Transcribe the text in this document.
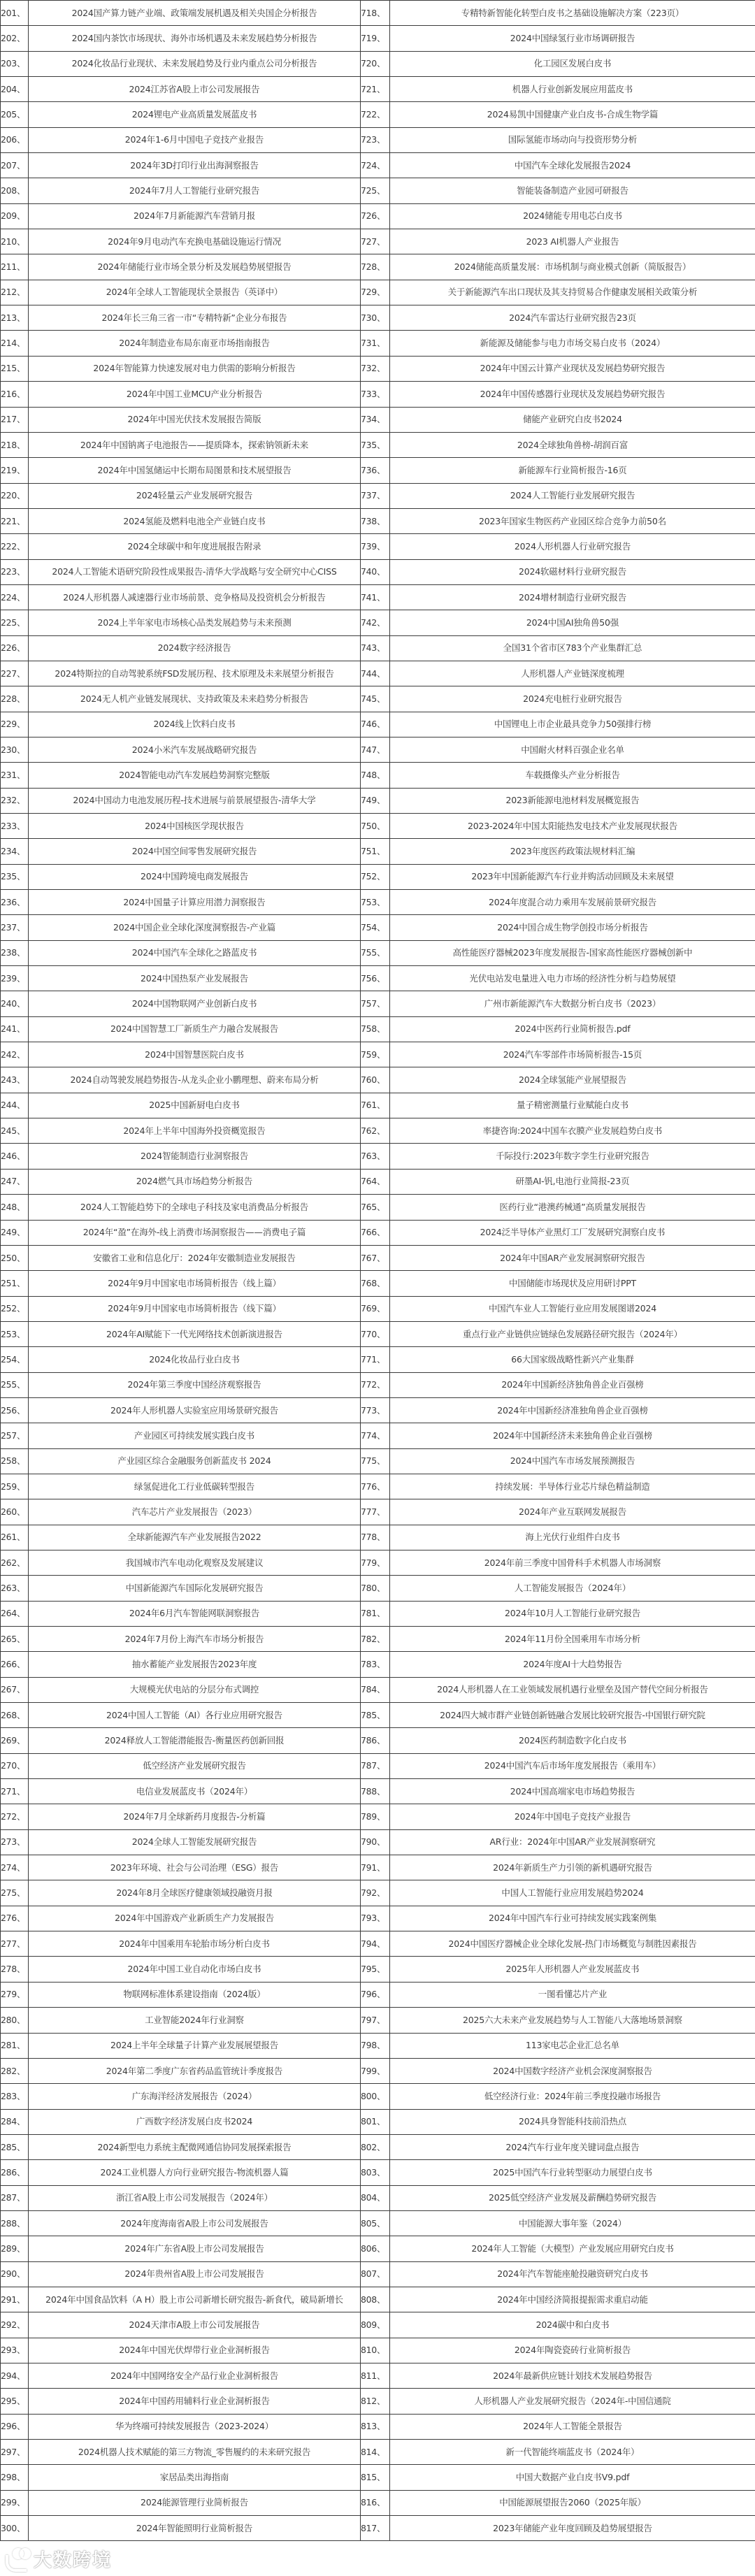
201、	2024国产算力链产业端、政策端发展机遇及相关央国企分析报告	718、	专精特新智能化转型白皮书之基础设施解决方案（223页）
202、	2024国内茶饮市场现状、海外市场机遇及未来发展趋势分析报告	719、	2024中国绿氢行业市场调研报告
203、	2024化妆品行业现状、未来发展趋势及行业内重点公司分析报告	720、	化工园区发展白皮书
204、	2024江苏省A股上市公司发展报告	721、	机器人行业创新发展应用蓝皮书
205、	2024锂电产业高质量发展蓝皮书	722、	2024易凯中国健康产业白皮书-合成生物学篇
206、	2024年1-6月中国电子竞技产业报告	723、	国际氢能市场动向与投资形势分析
207、	2024年3D打印行业出海洞察报告	724、	中国汽车全球化发展报告2024
208、	2024年7月人工智能行业研究报告	725、	智能装备制造产业园可研报告
209、	2024年7月新能源汽车营销月报	726、	2024储能专用电芯白皮书
210、	2024年9月电动汽车充换电基础设施运行情况	727、	2023 AI机器人产业报告
211、	2024年储能行业市场全景分析及发展趋势展望报告	728、	2024储能高质量发展：市场机制与商业模式创新（简版报告）
212、	2024年全球人工智能现状全景报告（英译中）	729、	关于新能源汽车出口现状及其支持贸易合作健康发展相关政策分析
213、	2024年长三角三省一市“专精特新”企业分布报告	730、	2024汽车雷达行业研究报告23页
214、	2024年制造业布局东南亚市场指南报告	731、	新能源及储能参与电力市场交易白皮书（2024）
215、	2024年智能算力快速发展对电力供需的影响分析报告	732、	2024年中国云计算产业现状及发展趋势研究报告
216、	2024年中国工业MCU产业分析报告	733、	2024年中国传感器行业现状及发展趋势研究报告
217、	2024年中国光伏技术发展报告简版	734、	储能产业研究白皮书2024
218、	2024年中国钠离子电池报告——提质降本，探索钠领新未来	735、	2024全球独角兽榜-胡润百富
219、	2024年中国氢储运中长期布局图景和技术展望报告	736、	新能源车行业简析报告-16页
220、	2024轻量云产业发展研究报告	737、	2024人工智能行业发展研究报告
221、	2024氢能及燃料电池全产业链白皮书	738、	2023年国家生物医药产业园区综合竞争力前50名
222、	2024全球碳中和年度进展报告附录	739、	2024人形机器人行业研究报告
223、	2024人工智能术语研究阶段性成果报告-清华大学战略与安全研究中心CISS	740、	2024软磁材料行业研究报告
224、	2024人形机器人减速器行业市场前景、竞争格局及投资机会分析报告	741、	2024增材制造行业研究报告
225、	2024上半年家电市场核心品类发展趋势与未来预测	742、	2024中国AI独角兽50强
226、	2024数字经济报告	743、	全国31个省市区783个产业集群汇总
227、	2024特斯拉的自动驾驶系统FSD发展历程、技术原理及未来展望分析报告	744、	人形机器人产业链深度梳理
228、	2024无人机产业链发展现状、支持政策及未来趋势分析报告	745、	2024充电桩行业研究报告
229、	2024线上饮料白皮书	746、	中国锂电上市企业最具竞争力50强排行榜
230、	2024小米汽车发展战略研究报告	747、	中国耐火材料百强企业名单
231、	2024智能电动汽车发展趋势洞察完整版	748、	车载摄像头产业分析报告
232、	2024中国动力电池发展历程-技术进展与前景展望报告-清华大学	749、	2023新能源电池材料发展概览报告
233、	2024中国核医学现状报告	750、	2023-2024年中国太阳能热发电技术产业发展现状报告
234、	2024中国空间零售发展研究报告	751、	2023年度医药政策法规材料汇编
235、	2024中国跨境电商发展报告	752、	2023年中国新能源汽车行业并购活动回顾及未来展望
236、	2024中国量子计算应用潜力洞察报告	753、	2024年度混合动力乘用车发展前景研究报告
237、	2024中国企业全球化深度洞察报告-产业篇	754、	2024中国合成生物学创投市场分析报告
238、	2024中国汽车全球化之路蓝皮书	755、	高性能医疗器械2023年度发展报告-国家高性能医疗器械创新中
239、	2024中国热泵产业发展报告	756、	光伏电站发电量进入电力市场的经济性分析与趋势展望
240、	2024中国物联网产业创新白皮书	757、	广州市新能源汽车大数据分析白皮书（2023）
241、	2024中国智慧工厂新质生产力融合发展报告	758、	2024中医药行业简析报告.pdf
242、	2024中国智慧医院白皮书	759、	2024汽车零部件市场简析报告-15页
243、	2024自动驾驶发展趋势报告-从龙头企业小鹏理想、蔚来布局分析	760、	2024全球氢能产业展望报告
244、	2025中国新厨电白皮书	761、	量子精密测量行业赋能白皮书
245、	2024年上半年中国海外投资概览报告	762、	率捷咨询:2024中国车衣膜产业发展趋势白皮书
246、	2024智能制造行业洞察报告	763、	千际投行:2023年数字孪生行业研究报告
247、	2024燃气具市场趋势分析报告	764、	研墨AI-钒,电池行业简报-23页
248、	2024人工智能趋势下的全球电子科技及家电消费品分析报告	765、	医药行业“港澳药械通”高质量发展报告
249、	2024年“盈”在海外-线上消费市场洞察报告——消费电子篇	766、	2024泛半导体产业黑灯工厂发展研究洞察白皮书
250、	安徽省工业和信息化厅：2024年安徽制造业发展报告	767、	2024年中国AR产业发展洞察研究报告
251、	2024年9月中国家电市场简析报告（线上篇）	768、	中国储能市场现状及应用研讨PPT
252、	2024年9月中国家电市场简析报告（线下篇）	769、	中国汽车业人工智能行业应用发展图谱2024
253、	2024年AI赋能下一代光网络技术创新演进报告	770、	重点行业产业链供应链绿色发展路径研究报告（2024年）
254、	2024化妆品行业白皮书	771、	66大国家级战略性新兴产业集群
255、	2024年第三季度中国经济观察报告	772、	2024年中国新经济独角兽企业百强榜
256、	2024年人形机器人实验室应用场景研究报告	773、	2024年中国新经济准独角兽企业百强榜
257、	产业园区可持续发展实践白皮书	774、	2024年中国新经济未来独角兽企业百强榜
258、	产业园区综合金融服务创新蓝皮书 2024	775、	2024中国汽车市场发展预测报告
259、	绿氢促进化工行业低碳转型报告	776、	持续发展：半导体行业芯片绿色精益制造
260、	汽车芯片产业发展报告（2023）	777、	2024年产业互联网发展报告
261、	全球新能源汽车产业发展报告2022	778、	海上光伏行业组件白皮书
262、	我国城市汽车电动化观察及发展建议	779、	2024年前三季度中国骨科手术机器人市场洞察
263、	中国新能源汽车国际化发展研究报告	780、	人工智能发展报告（2024年）
264、	2024年6月汽车智能网联洞察报告	781、	2024年10月人工智能行业研究报告
265、	2024年7月份上海汽车市场分析报告	782、	2024年11月份全国乘用车市场分析
266、	抽水蓄能产业发展报告2023年度	783、	2024年度AI十大趋势报告
267、	大规模光伏电站的分层分布式调控	784、	2024人形机器人在工业领域发展机遇行业壁垒及国产替代空间分析报告
268、	2024中国人工智能（AI）各行业应用研究报告	785、	2024四大城市群产业链创新链融合发展比较研究报告-中国银行研究院
269、	2024释放人工智能潜能报告-衡量医药创新回报	786、	2024医药制造数字化白皮书
270、	低空经济产业发展研究报告	787、	2024中国汽车后市场年度发展报告（乘用车）
271、	电信业发展蓝皮书（2024年）	788、	2024中国高端家电市场趋势报告
272、	2024年7月全球新药月度报告-分析篇	789、	2024年中国电子竞技产业报告
273、	2024全球人工智能发展研究报告	790、	AR行业：2024年中国AR产业发展洞察研究
274、	2023年环境、社会与公司治理（ESG）报告	791、	2024年新质生产力引领的新机遇研究报告
275、	2024年8月全球医疗健康领域投融资月报	792、	中国人工智能行业应用发展趋势2024
276、	2024年中国游戏产业新质生产力发展报告	793、	2024年中国汽车行业可持续发展实践案例集
277、	2024年中国乘用车轮胎市场分析白皮书	794、	2024中国医疗器械企业全球化发展-热门市场概览与制胜因素报告
278、	2024年中国工业自动化市场白皮书	795、	2025年人形机器人产业发展蓝皮书
279、	物联网标准体系建设指南（2024版）	796、	一图看懂芯片产业
280、	工业智能2024年行业洞察	797、	2025六大未来产业发展趋势与人工智能八大落地场景洞察
281、	2024上半年全球量子计算产业发展展望报告	798、	113家电芯企业汇总名单
282、	2024年第二季度广东省药品监管统计季度报告	799、	2024中国数字经济产业机会深度洞察报告
283、	广东海洋经济发展报告（2024）	800、	低空经济行业：2024年前三季度投融市场报告
284、	广西数字经济发展白皮书2024	801、	2024具身智能科技前沿热点
285、	2024新型电力系统主配微网通信协同发展探索报告	802、	2024汽车行业年度关键词盘点报告
286、	2024工业机器人方向行业研究报告-物流机器人篇	803、	2025中国汽车行业转型驱动力展望白皮书
287、	浙江省A股上市公司发展报告（2024年）	804、	2025低空经济产业发展及薪酬趋势研究报告
288、	2024年度海南省A股上市公司发展报告	805、	中国能源大事年鉴（2024）
289、	2024年广东省A股上市公司发展报告	806、	2024年人工智能（大模型）产业发展应用研究白皮书
290、	2024年贵州省A股上市公司发展报告	807、	2024年汽车智能座舱投融资研究白皮书
291、	2024年中国食品饮料（A H）股上市公司新增长研究报告-新食代，破局新增长	808、	2024年中国经济简报提振需求重启动能
292、	2024天津市A股上市公司发展报告	809、	2024碳中和白皮书
293、	2024年中国光伏焊带行业企业洞析报告	810、	2024年陶瓷瓷砖行业简析报告
294、	2024年中国网络安全产品行业企业洞析报告	811、	2024年最新供应链计划技术发展趋势报告
295、	2024年中国药用辅料行业企业洞析报告	812、	人形机器人产业发展研究报告（2024年-中国信通院
296、	华为终端可持续发展报告（2023-2024）	813、	2024年人工智能全景报告
297、	2024机器人技术赋能的第三方物流_零售履约的未来研究报告	814、	新一代智能终端蓝皮书（2024年）
298、	家居品类出海指南	815、	中国大数据产业白皮书V9.pdf
299、	2024能源管理行业简析报告	816、	中国能源展望报告2060（2025年版）
300、	2024年智能照明行业简析报告	817、	2023年储能产业年度回顾及趋势展望报告
大数跨境
